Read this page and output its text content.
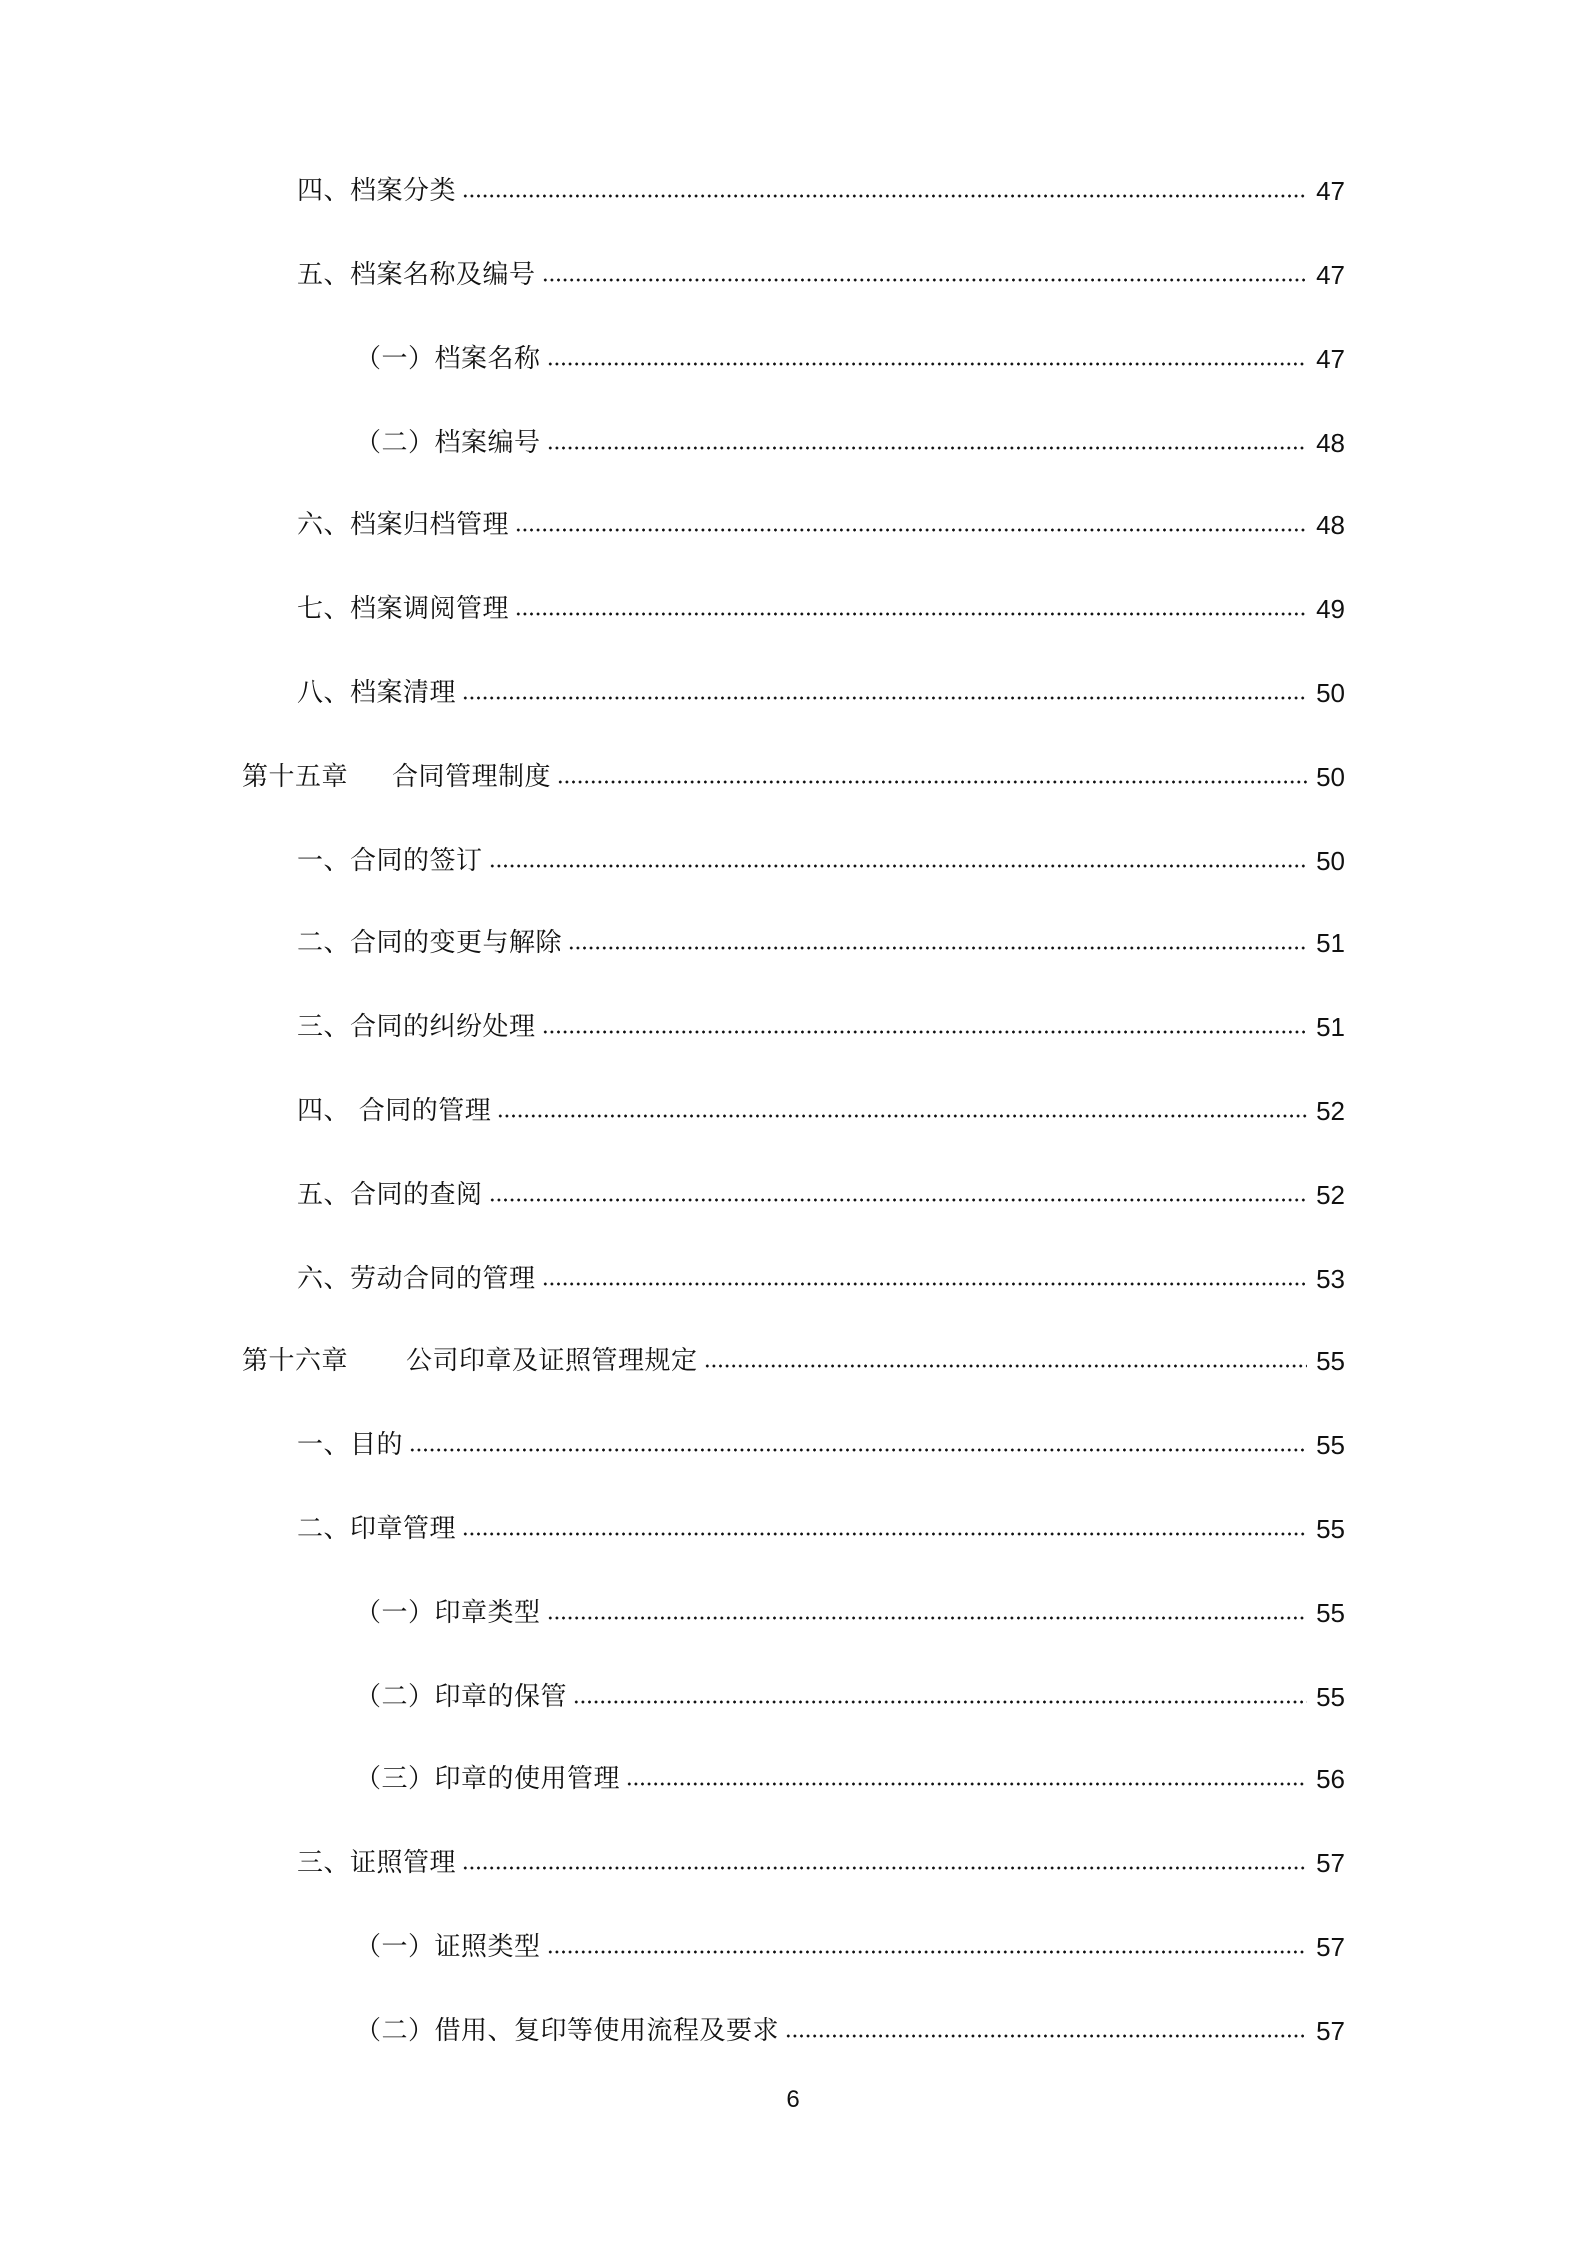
四、档案分类	47
五、档案名称及编号	47
（一）档案名称	47
（二）档案编号	48
六、档案归档管理	48
七、档案调阅管理	49
八、档案清理	50
第十五章 合同管理制度	50
一、合同的签订	50
二、合同的变更与解除	51
三、合同的纠纷处理	51
四、 合同的管理	52
五、合同的查阅	52
六、劳动合同的管理	53
第十六章 公司印章及证照管理规定	55
一、目的	55
二、印章管理	55
（一）印章类型	55
（二）印章的保管	55
（三）印章的使用管理	56
三、证照管理	57
（一）证照类型	57
（二）借用、复印等使用流程及要求	57
6
